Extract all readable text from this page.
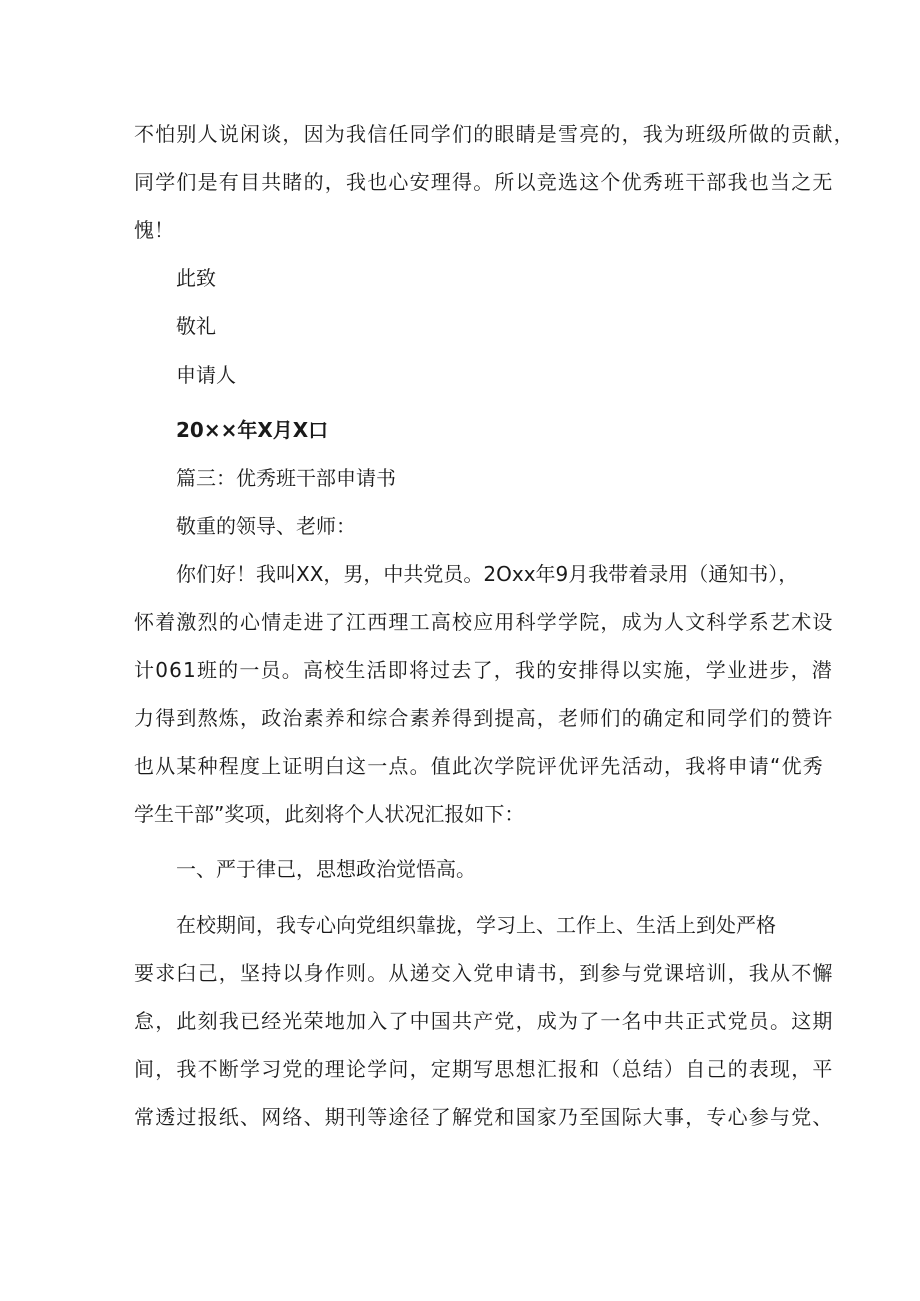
不怕别人说闲谈，因为我信任同学们的眼睛是雪亮的，我为班级所做的贡献，

同学们是有目共睹的，我也心安理得。所以竞选这个优秀班干部我也当之无

愧！

此致

敬礼

申请人

20××年X月X口

篇三：优秀班干部申请书

敬重的领导、老师：

你们好！我叫XX，男，中共党员。2Oxx年9月我带着录用（通知书），

怀着激烈的心情走进了江西理工高校应用科学学院，成为人文科学系艺术设

计061班的一员。高校生活即将过去了，我的安排得以实施，学业进步，潜

力得到熬炼，政治素养和综合素养得到提高，老师们的确定和同学们的赞许

也从某种程度上证明白这一点。值此次学院评优评先活动，我将申请“优秀

学生干部”奖项，此刻将个人状况汇报如下：

一、严于律己，思想政治觉悟高。

在校期间，我专心向党组织靠拢，学习上、工作上、生活上到处严格

要求臼己，坚持以身作则。从递交入党申请书，到参与党课培训，我从不懈

怠，此刻我已经光荣地加入了中国共产党，成为了一名中共正式党员。这期

间，我不断学习党的理论学问，定期写思想汇报和（总结）自己的表现，平

常透过报纸、网络、期刊等途径了解党和国家乃至国际大事，专心参与党、
